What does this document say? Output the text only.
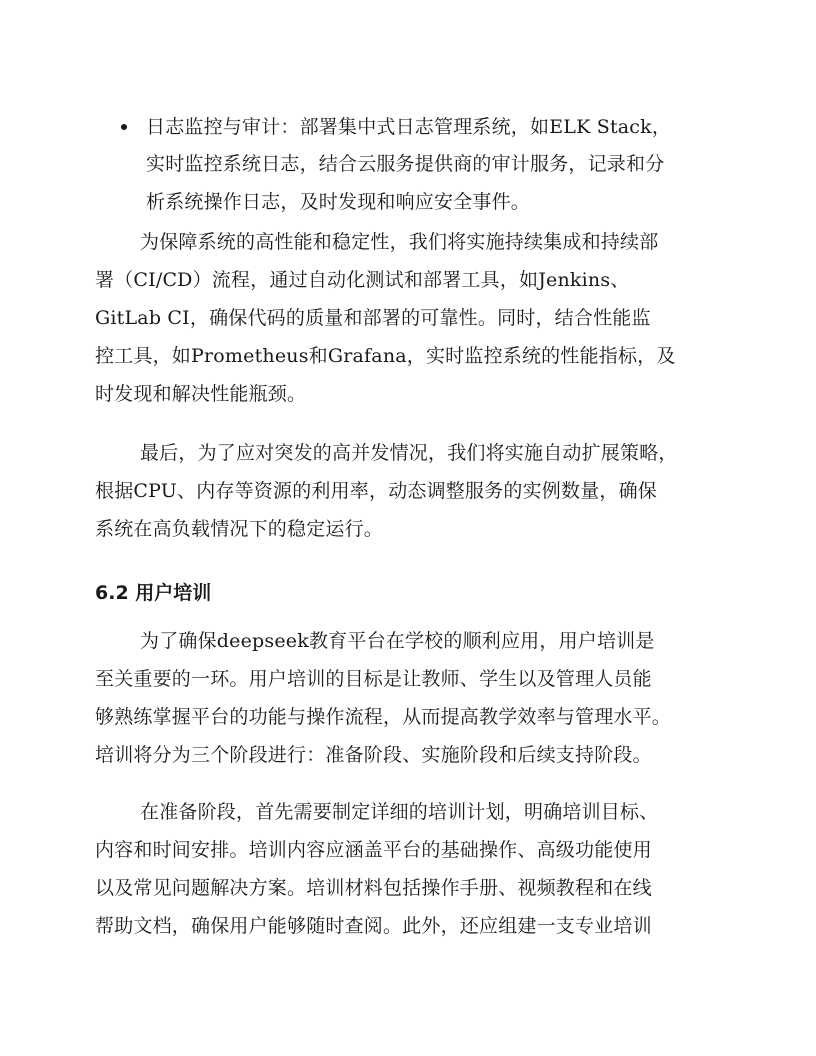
日志监控与审计：部署集中式日志管理系统，如ELK Stack，
实时监控系统日志，结合云服务提供商的审计服务，记录和分
析系统操作日志，及时发现和响应安全事件。
为保障系统的高性能和稳定性，我们将实施持续集成和持续部
署（CI/CD）流程，通过自动化测试和部署工具，如Jenkins、
GitLab CI，确保代码的质量和部署的可靠性。同时，结合性能监
控工具，如Prometheus和Grafana，实时监控系统的性能指标，及
时发现和解决性能瓶颈。
最后，为了应对突发的高并发情况，我们将实施自动扩展策略，
根据CPU、内存等资源的利用率，动态调整服务的实例数量，确保
系统在高负载情况下的稳定运行。
6.2 用户培训
为了确保deepseek教育平台在学校的顺利应用，用户培训是
至关重要的一环。用户培训的目标是让教师、学生以及管理人员能
够熟练掌握平台的功能与操作流程，从而提高教学效率与管理水平。
培训将分为三个阶段进行：准备阶段、实施阶段和后续支持阶段。
在准备阶段，首先需要制定详细的培训计划，明确培训目标、
内容和时间安排。培训内容应涵盖平台的基础操作、高级功能使用
以及常见问题解决方案。培训材料包括操作手册、视频教程和在线
帮助文档，确保用户能够随时查阅。此外，还应组建一支专业培训
